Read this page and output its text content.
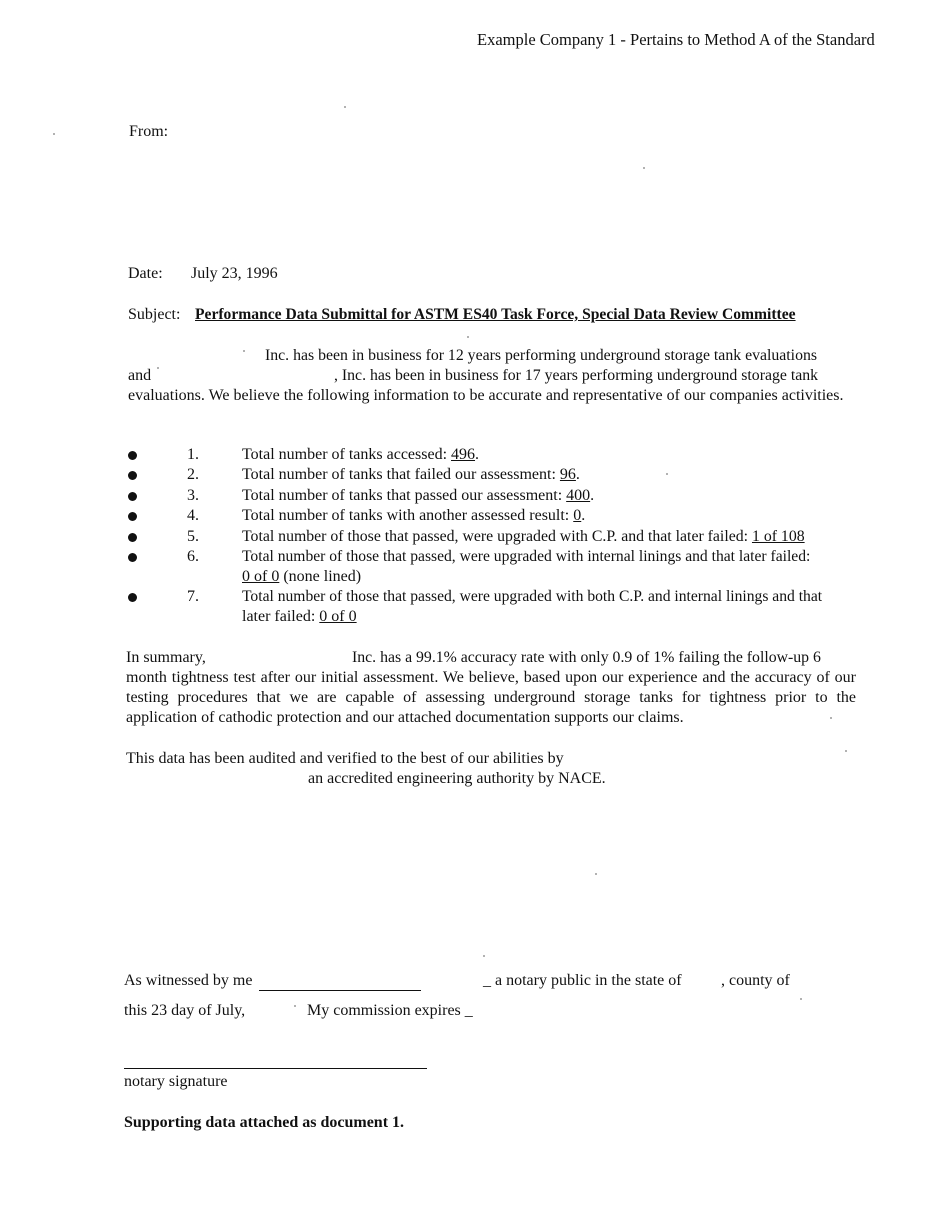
Example Company 1 - Pertains to Method A of the Standard
From:
Date: July 23, 1996
Subject: Performance Data Submittal for ASTM ES40 Task Force, Special Data Review Committee
Inc. has been in business for 12 years performing underground storage tank evaluations
and	, Inc. has been in business for 17 years performing underground storage tank
evaluations. We believe the following information to be accurate and representative of our companies activities.
1.	Total number of tanks accessed: 496.
2.	Total number of tanks that failed our assessment: 96.
3.	Total number of tanks that passed our assessment: 400.
4.	Total number of tanks with another assessed result: 0.
5.	Total number of those that passed, were upgraded with C.P. and that later failed: 1 of 108
6.	Total number of those that passed, were upgraded with internal linings and that later failed:
0 of 0 (none lined)
7.	Total number of those that passed, were upgraded with both C.P. and internal linings and that
later failed: 0 of 0
In summary,	Inc. has a 99.1% accuracy rate with only 0.9 of 1% failing the follow-up 6
month tightness test after our initial assessment. We believe, based upon our experience and the accuracy of our testing procedures that we are capable of assessing underground storage tanks for tightness prior to the application of cathodic protection and our attached documentation supports our claims.
This data has been audited and verified to the best of our abilities by
an accredited engineering authority by NACE.
As witnessed by me	_ a notary public in the state of , county of
this 23 day of July,	My commission expires _
notary signature
Supporting data attached as document 1.
